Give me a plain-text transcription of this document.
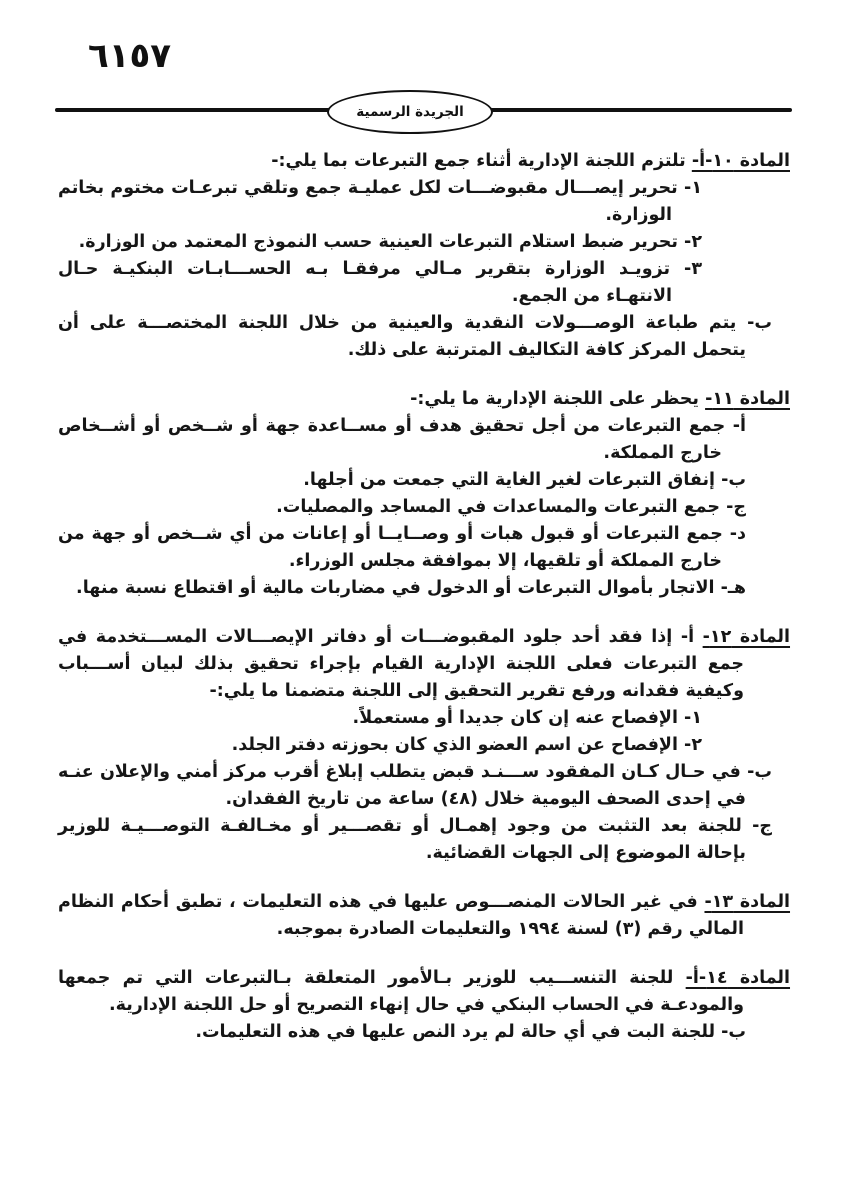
٦١٥٧
الجريدة الرسمية

المادة ١٠-أ- تلتزم اللجنة الإدارية أثناء جمع التبرعات بما يلي:-

١- تحرير إيصـــال مقبوضـــات لكل عمليـة جمع وتلقي تبرعـات مختوم بخاتم الوزارة.

٢- تحرير ضبط استلام التبرعات العينية حسب النموذج المعتمد من الوزارة.

٣- تزويـد الوزارة بتقرير مـالي مرفقـا بـه الحســـابـات البنكيـة حـال الانتهـاء من الجمع.

ب- يتم طباعة الوصـــولات النقدية والعينية من خلال اللجنة المختصـــة على أن يتحمل المركز كافة التكاليف المترتبة على ذلك.

المادة ١١- يحظر على اللجنة الإدارية ما يلي:-

أ- جمع التبرعات من أجل تحقيق هدف أو مســاعدة جهة أو شــخص أو أشــخاص خارج المملكة.

ب- إنفاق التبرعات لغير الغاية التي جمعت من أجلها.

ج- جمع التبرعات والمساعدات في المساجد والمصليات.

د- جمع التبرعات أو قبول هبات أو وصــايــا أو إعانات من أي شــخص أو جهة من خارج المملكة أو تلقيها، إلا بموافقة مجلس الوزراء.

هـ- الاتجار بأموال التبرعات أو الدخول في مضاربات مالية أو اقتطاع نسبة منها.

المادة ١٢- أ- إذا فقد أحد جلود المقبوضـــات أو دفاتر الإيصـــالات المســـتخدمة في جمع التبرعات فعلى اللجنة الإدارية القيام بإجراء تحقيق بذلك لبيان أســـباب وكيفية فقدانه ورفع تقرير التحقيق إلى اللجنة متضمنا ما يلي:-

١- الإفصاح عنه إن كان جديدا أو مستعملاً.

٢- الإفصاح عن اسم العضو الذي كان بحوزته دفتر الجلد.

ب- في حـال كـان المفقود ســـنـد قبض يتطلب إبلاغ أقرب مركز أمني والإعلان عنـه في إحدى الصحف اليومية خلال (٤٨) ساعة من تاريخ الفقدان.

ج- للجنة بعد التثبت من وجود إهمـال أو تقصـــير أو مخـالفـة التوصـــيـة للوزير بإحالة الموضوع إلى الجهات القضائية.

المادة ١٣- في غير الحالات المنصـــوص عليها في هذه التعليمات ، تطبق أحكام النظام المالي رقم (٣) لسنة ١٩٩٤ والتعليمات الصادرة بموجبه.

المادة ١٤-أ- للجنة التنســـيب للوزير بـالأمور المتعلقة بـالتبرعات التي تم جمعها والمودعـة في الحساب البنكي في حال إنهاء التصريح أو حل اللجنة الإدارية.

ب- للجنة البت في أي حالة لم يرد النص عليها في هذه التعليمات.
